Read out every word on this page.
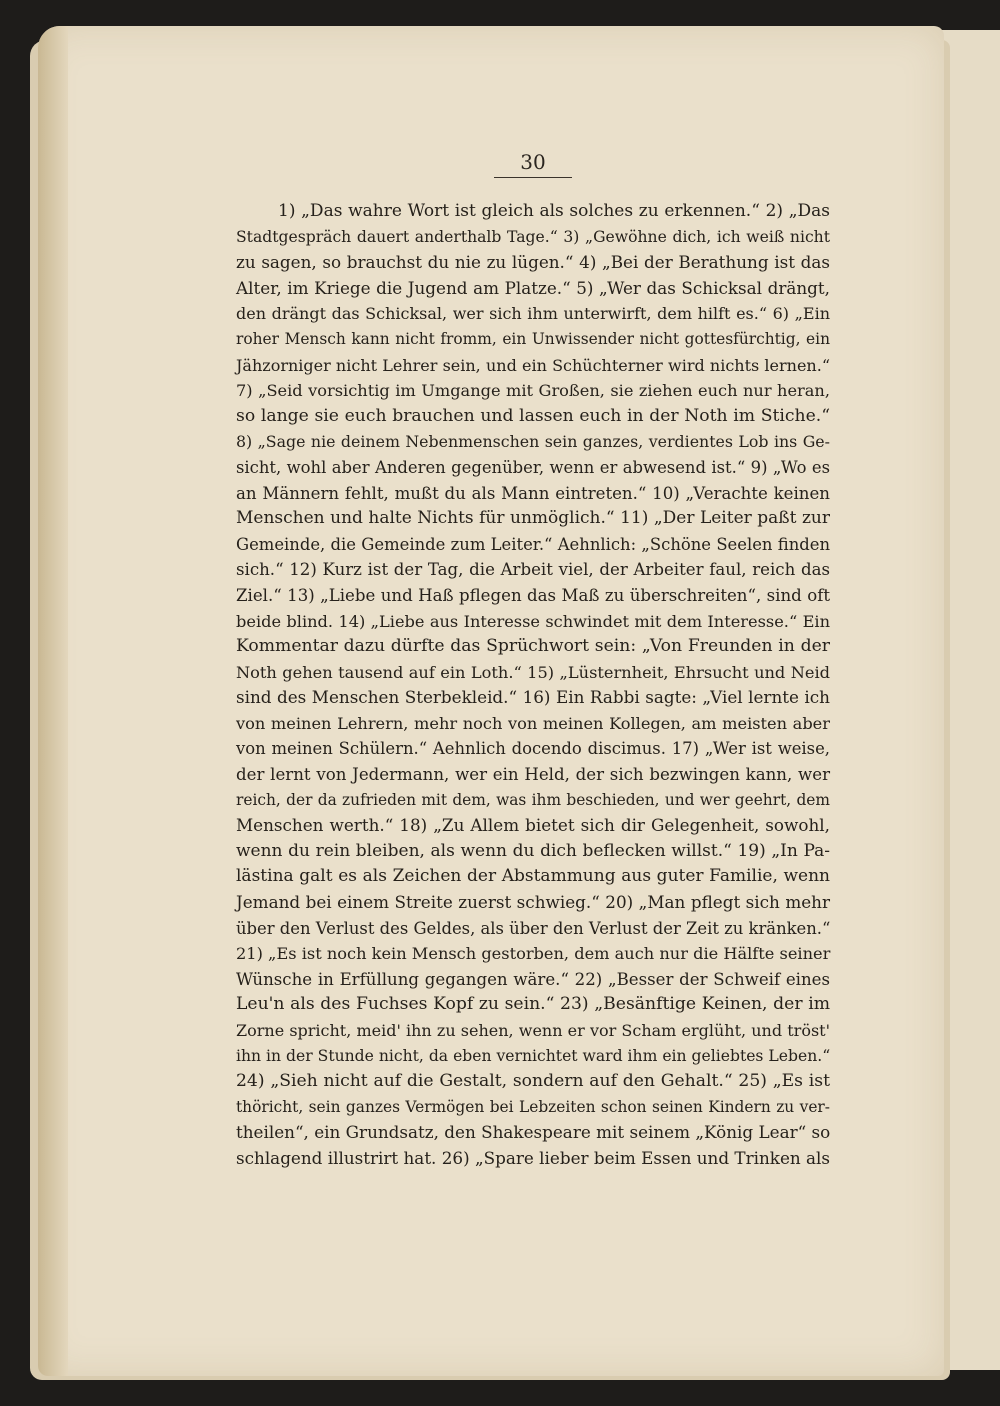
30
1) „Das wahre Wort ist gleich als solches zu erkennen.“ 2) „Das
Stadtgespräch dauert anderthalb Tage.“ 3) „Gewöhne dich, ich weiß nicht
zu sagen, so brauchst du nie zu lügen.“ 4) „Bei der Berathung ist das
Alter, im Kriege die Jugend am Platze.“ 5) „Wer das Schicksal drängt,
den drängt das Schicksal, wer sich ihm unterwirft, dem hilft es.“ 6) „Ein
roher Mensch kann nicht fromm, ein Unwissender nicht gottesfürchtig, ein
Jähzorniger nicht Lehrer sein, und ein Schüchterner wird nichts lernen.“
7) „Seid vorsichtig im Umgange mit Großen, sie ziehen euch nur heran,
so lange sie euch brauchen und lassen euch in der Noth im Stiche.“
8) „Sage nie deinem Nebenmenschen sein ganzes, verdientes Lob ins Ge-
sicht, wohl aber Anderen gegenüber, wenn er abwesend ist.“ 9) „Wo es
an Männern fehlt, mußt du als Mann eintreten.“ 10) „Verachte keinen
Menschen und halte Nichts für unmöglich.“ 11) „Der Leiter paßt zur
Gemeinde, die Gemeinde zum Leiter.“ Aehnlich: „Schöne Seelen finden
sich.“ 12) Kurz ist der Tag, die Arbeit viel, der Arbeiter faul, reich das
Ziel.“ 13) „Liebe und Haß pflegen das Maß zu überschreiten“, sind oft
beide blind. 14) „Liebe aus Interesse schwindet mit dem Interesse.“ Ein
Kommentar dazu dürfte das Sprüchwort sein: „Von Freunden in der
Noth gehen tausend auf ein Loth.“ 15) „Lüsternheit, Ehrsucht und Neid
sind des Menschen Sterbekleid.“ 16) Ein Rabbi sagte: „Viel lernte ich
von meinen Lehrern, mehr noch von meinen Kollegen, am meisten aber
von meinen Schülern.“ Aehnlich docendo discimus. 17) „Wer ist weise,
der lernt von Jedermann, wer ein Held, der sich bezwingen kann, wer
reich, der da zufrieden mit dem, was ihm beschieden, und wer geehrt, dem
Menschen werth.“ 18) „Zu Allem bietet sich dir Gelegenheit, sowohl,
wenn du rein bleiben, als wenn du dich beflecken willst.“ 19) „In Pa-
lästina galt es als Zeichen der Abstammung aus guter Familie, wenn
Jemand bei einem Streite zuerst schwieg.“ 20) „Man pflegt sich mehr
über den Verlust des Geldes, als über den Verlust der Zeit zu kränken.“
21) „Es ist noch kein Mensch gestorben, dem auch nur die Hälfte seiner
Wünsche in Erfüllung gegangen wäre.“ 22) „Besser der Schweif eines
Leu'n als des Fuchses Kopf zu sein.“ 23) „Besänftige Keinen, der im
Zorne spricht, meid' ihn zu sehen, wenn er vor Scham erglüht, und tröst'
ihn in der Stunde nicht, da eben vernichtet ward ihm ein geliebtes Leben.“
24) „Sieh nicht auf die Gestalt, sondern auf den Gehalt.“ 25) „Es ist
thöricht, sein ganzes Vermögen bei Lebzeiten schon seinen Kindern zu ver-
theilen“, ein Grundsatz, den Shakespeare mit seinem „König Lear“ so
schlagend illustrirt hat. 26) „Spare lieber beim Essen und Trinken als
